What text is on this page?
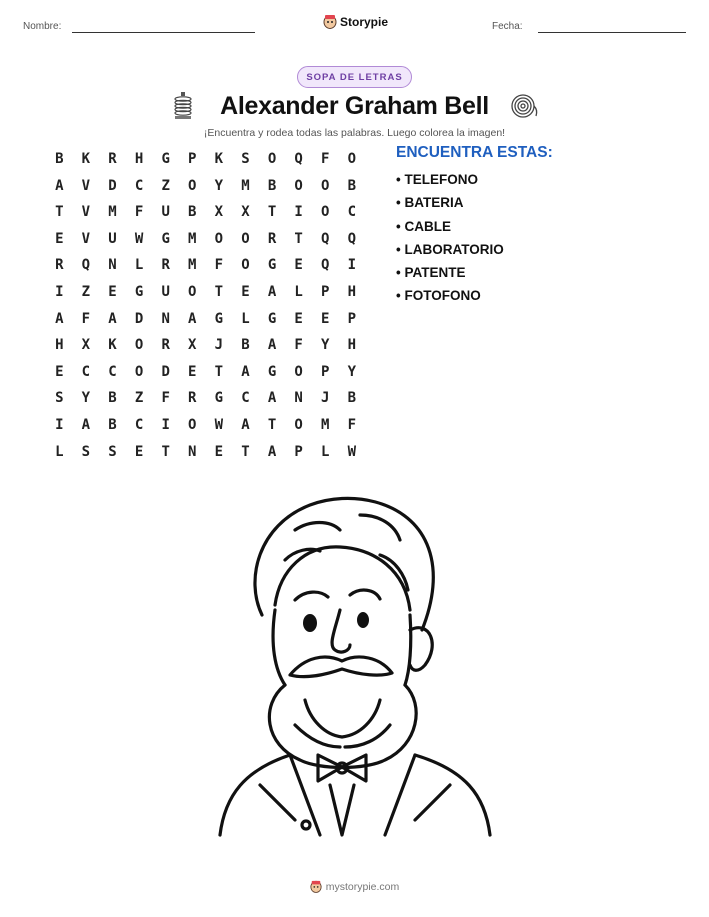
Nombre:	Storypie	Fecha:
SOPA DE LETRAS
Alexander Graham Bell
¡Encuentra y rodea todas las palabras. Luego colorea la imagen!
B	K	R	H	G	P	K	S	O	Q	F	O
A	V	D	C	Z	O	Y	M	B	O	O	B
T	V	M	F	U	B	X	X	T	I	O	C
E	V	U	W	G	M	O	O	R	T	Q	Q
R	Q	N	L	R	M	F	O	G	E	Q	I
I	Z	E	G	U	O	T	E	A	L	P	H
A	F	A	D	N	A	G	L	G	E	E	P
H	X	K	O	R	X	J	B	A	F	Y	H
E	C	C	O	D	E	T	A	G	O	P	Y
S	Y	B	Z	F	R	G	C	A	N	J	B
I	A	B	C	I	O	W	A	T	O	M	F
L	S	S	E	T	N	E	T	A	P	L	W
ENCUENTRA ESTAS:
• TELEFONO
• BATERIA
• CABLE
• LABORATORIO
• PATENTE
• FOTOFONO
mystorypie.com
